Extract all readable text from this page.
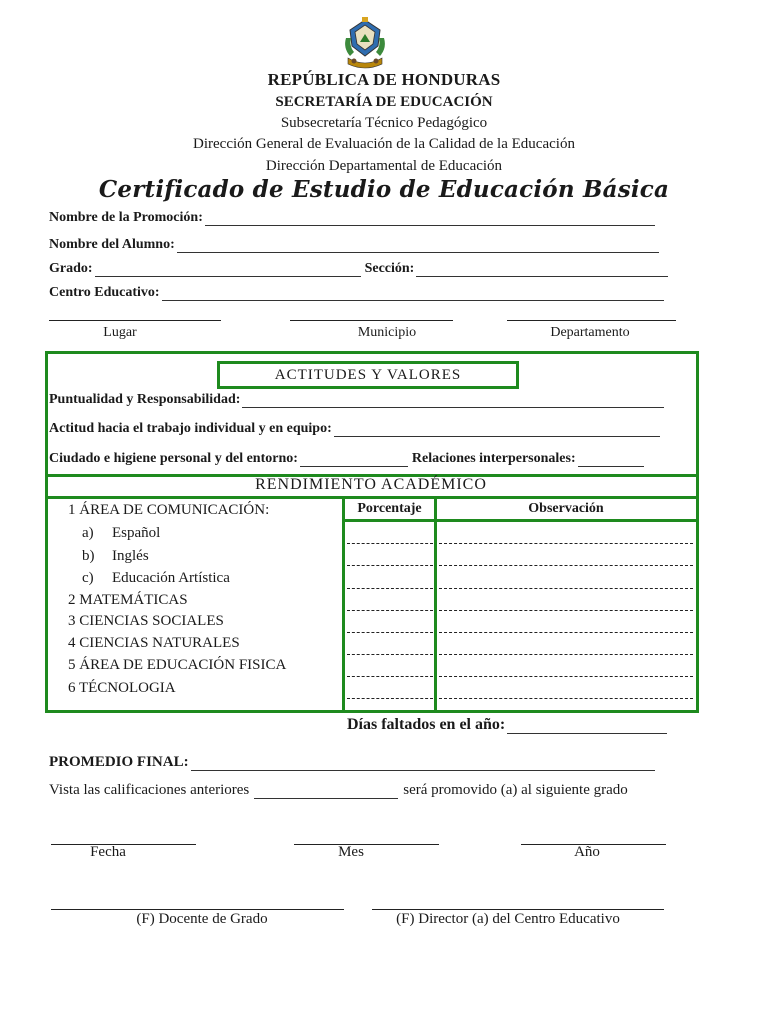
REPÚBLICA DE HONDURAS
SECRETARÍA DE EDUCACIÓN
Subsecretaría Técnico Pedagógico
Dirección General de Evaluación de la Calidad de la Educación
Dirección Departamental de Educación
Certificado de Estudio de Educación Básica
Nombre de la Promoción:
Nombre del Alumno:
Grado:	Sección:
Centro Educativo:
Lugar	Municipio	Departamento
ACTITUDES Y VALORES
Puntualidad y Responsabilidad:
Actitud hacia el trabajo individual y en equipo:
Ciudado e higiene personal y del entorno:	Relaciones interpersonales:
RENDIMIENTO ACADÉMICO
Porcentaje	Observación
1 ÁREA DE COMUNICACIÓN:
a) Español
b) Inglés
c) Educación Artística
2 MATEMÁTICAS
3 CIENCIAS SOCIALES
4 CIENCIAS NATURALES
5 ÁREA DE EDUCACIÓN FISICA
6 TÉCNOLOGIA
Días faltados en el año:
PROMEDIO FINAL:
Vista las calificaciones anteriores	será promovido (a) al siguiente grado
Fecha	Mes	Año
(F) Docente de Grado	(F) Director (a) del Centro Educativo
